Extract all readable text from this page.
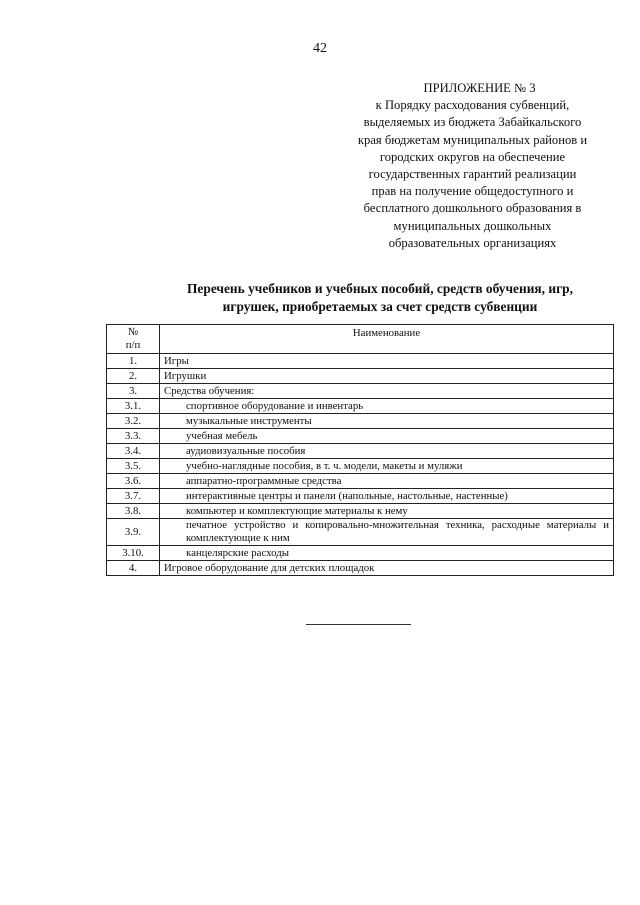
42

ПРИЛОЖЕНИЕ № 3

к Порядку расходования субвенций,

выделяемых из бюджета Забайкальского

края бюджетам муниципальных районов и

городских округов на обеспечение

государственных гарантий реализации

прав на получение общедоступного и

бесплатного дошкольного образования в

муниципальных дошкольных

образовательных организациях

Перечень учебников и учебных пособий, средств обучения, игр,
игрушек, приобретаемых за счет средств субвенции
№
п/п	Наименование
1.	Игры
2.	Игрушки
3.	Средства обучения:
3.1.	спортивное оборудование и инвентарь
3.2.	музыкальные инструменты
3.3.	учебная мебель
3.4.	аудиовизуальные пособия
3.5.	учебно-наглядные пособия, в т. ч. модели, макеты и муляжи
3.6.	аппаратно-программные средства
3.7.	интерактивные центры и панели (напольные, настольные, настенные)
3.8.	компьютер и комплектующие материалы к нему
3.9.	печатное устройство и копировально-множительная техника, расходные материалы и комплектующие к ним
3.10.	канцелярские расходы
4.	Игровое оборудование для детских площадок
